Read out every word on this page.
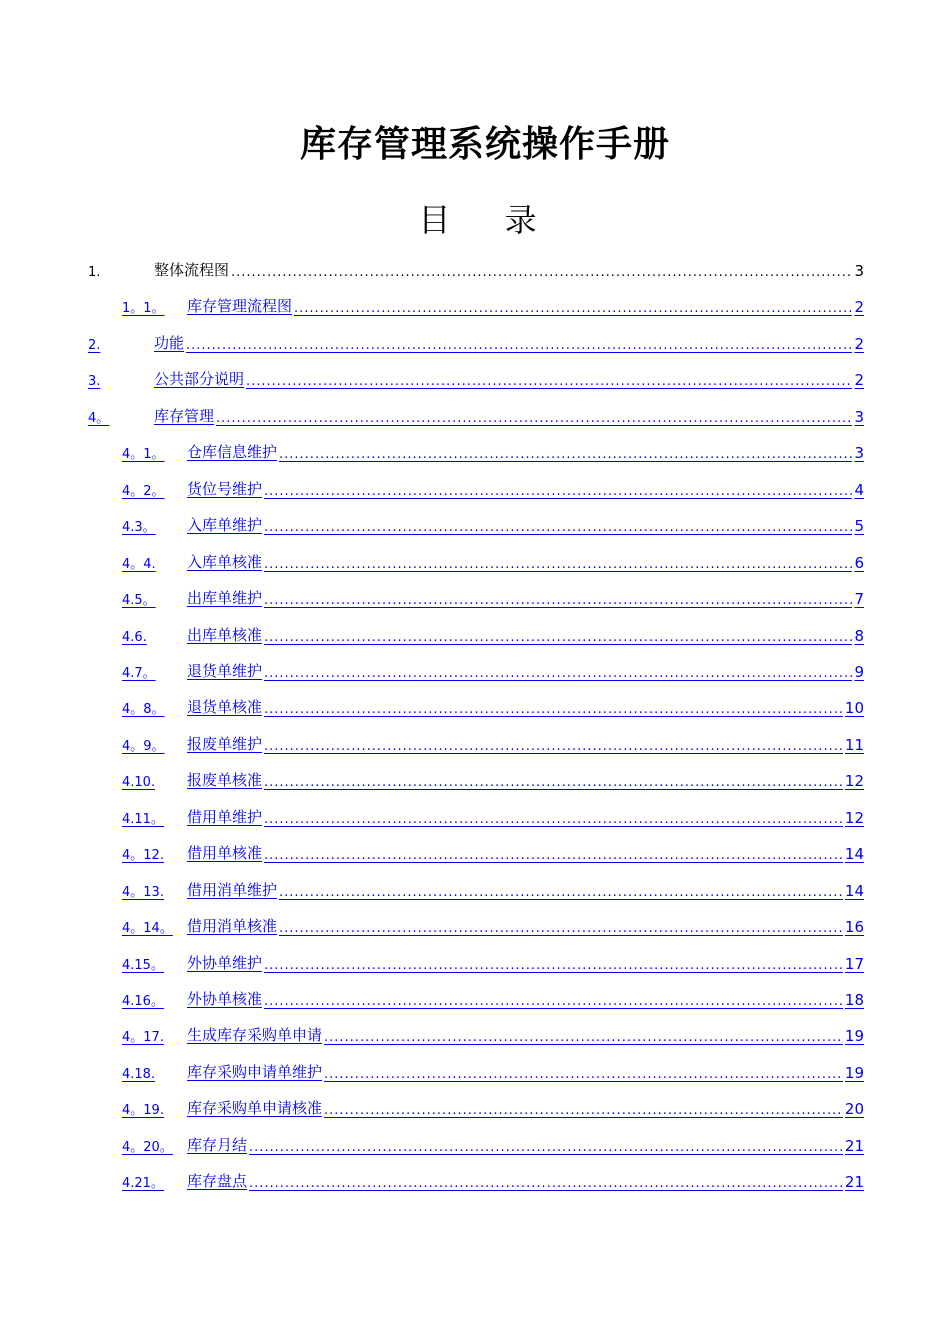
库存管理系统操作手册
目 录
1.	整体流程图 .....	3
1。1。	库存管理流程图 .....	2
2.	功能 .....	2
3.	公共部分说明 .....	2
4。	库存管理 .....	3
4。1。	仓库信息维护 .....	3
4。2。	货位号维护 .....	4
4.3。	入库单维护 .....	5
4。4.	入库单核准 .....	6
4.5。	出库单维护 .....	7
4.6.	出库单核准 .....	8
4.7。	退货单维护 .....	9
4。8。	退货单核准 .....	10
4。9。	报废单维护 .....	11
4.10.	报废单核准 .....	12
4.11。	借用单维护 .....	12
4。12.	借用单核准 .....	14
4。13.	借用消单维护 .....	14
4。14。 借用消单核准 .....	16
4.15。	外协单维护 .....	17
4.16。	外协单核准 .....	18
4。17.	生成库存采购单申请 .....	19
4.18.	库存采购申请单维护 .....	19
4。19.	库存采购单申请核准 .....	20
4。20。 库存月结 .....	21
4.21。	库存盘点 .....	21
